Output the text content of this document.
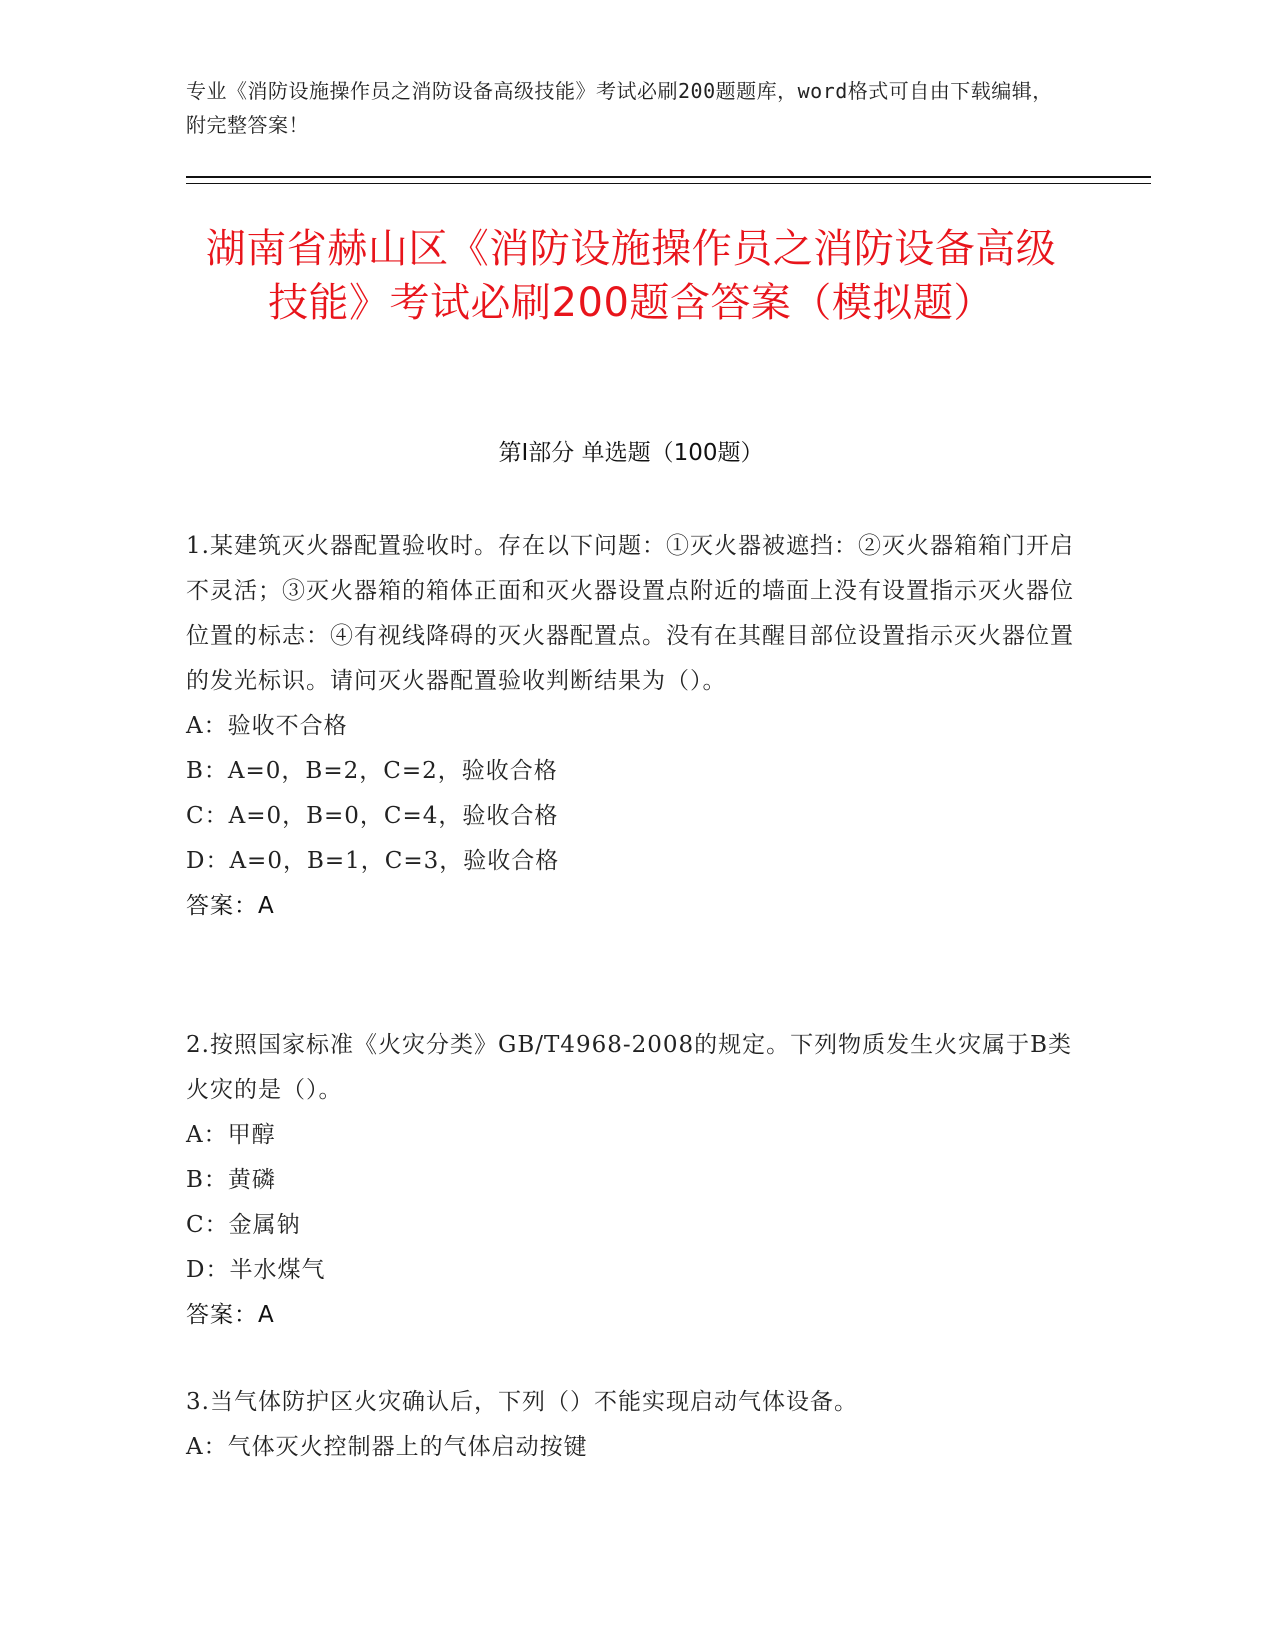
专业《消防设施操作员之消防设备高级技能》考试必刷200题题库，word格式可自由下载编辑，附完整答案！
湖南省赫山区《消防设施操作员之消防设备高级技能》考试必刷200题含答案（模拟题）
第Ⅰ部分 单选题（100题）
1.某建筑灭火器配置验收时。存在以下问题：①灭火器被遮挡：②灭火器箱箱门开启不灵活；③灭火器箱的箱体正面和灭火器设置点附近的墙面上没有设置指示灭火器位位置的标志：④有视线降碍的灭火器配置点。没有在其醒目部位设置指示灭火器位置的发光标识。请问灭火器配置验收判断结果为（）。
A：验收不合格
B：A=0，B=2，C=2，验收合格
C：A=0，B=0，C=4，验收合格
D：A=0，B=1，C=3，验收合格
答案：A
2.按照国家标准《火灾分类》GB/T4968-2008的规定。下列物质发生火灾属于B类火灾的是（）。
A：甲醇
B：黄磷
C：金属钠
D：半水煤气
答案：A
3.当气体防护区火灾确认后，下列（）不能实现启动气体设备。
A：气体灭火控制器上的气体启动按键
